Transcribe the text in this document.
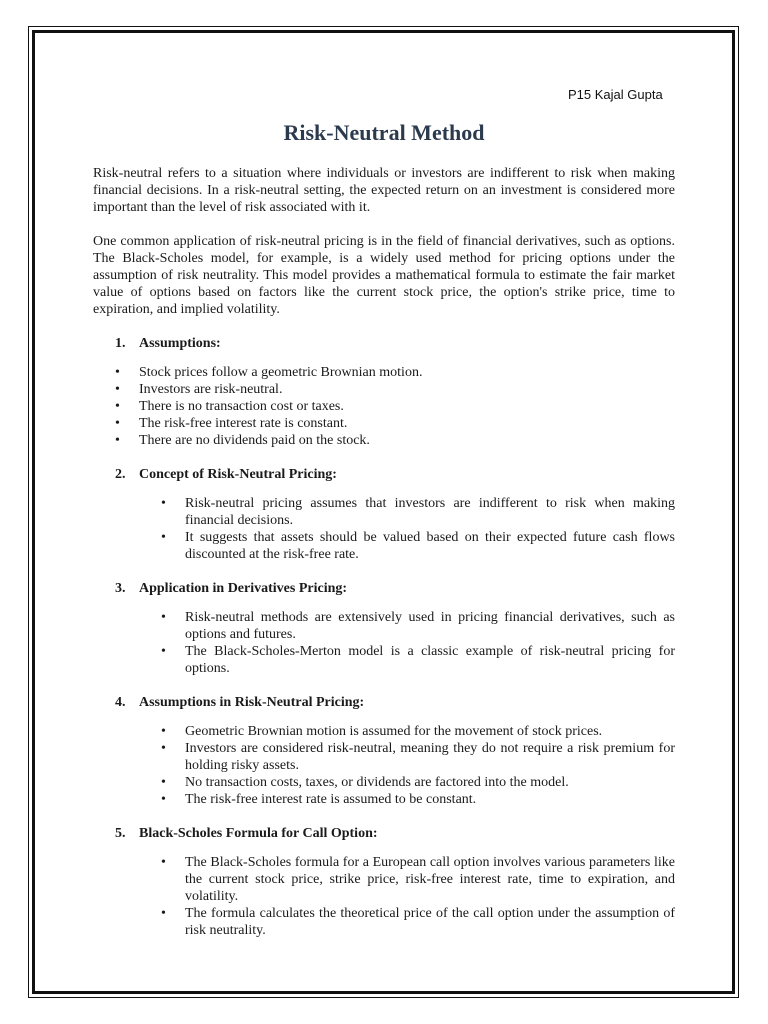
P15 Kajal Gupta
Risk-Neutral Method

Risk-neutral refers to a situation where individuals or investors are indifferent to risk when making financial decisions. In a risk-neutral setting, the expected return on an investment is considered more important than the level of risk associated with it.

One common application of risk-neutral pricing is in the field of financial derivatives, such as options. The Black-Scholes model, for example, is a widely used method for pricing options under the assumption of risk neutrality. This model provides a mathematical formula to estimate the fair market value of options based on factors like the current stock price, the option's strike price, time to expiration, and implied volatility.

1. Assumptions:
• Stock prices follow a geometric Brownian motion.
• Investors are risk-neutral.
• There is no transaction cost or taxes.
• The risk-free interest rate is constant.
• There are no dividends paid on the stock.
2. Concept of Risk-Neutral Pricing:
• Risk-neutral pricing assumes that investors are indifferent to risk when making financial decisions.
• It suggests that assets should be valued based on their expected future cash flows discounted at the risk-free rate.
3. Application in Derivatives Pricing:
• Risk-neutral methods are extensively used in pricing financial derivatives, such as options and futures.
• The Black-Scholes-Merton model is a classic example of risk-neutral pricing for options.
4. Assumptions in Risk-Neutral Pricing:
• Geometric Brownian motion is assumed for the movement of stock prices.
• Investors are considered risk-neutral, meaning they do not require a risk premium for holding risky assets.
• No transaction costs, taxes, or dividends are factored into the model.
• The risk-free interest rate is assumed to be constant.
5. Black-Scholes Formula for Call Option:
• The Black-Scholes formula for a European call option involves various parameters like the current stock price, strike price, risk-free interest rate, time to expiration, and volatility.
• The formula calculates the theoretical price of the call option under the assumption of risk neutrality.
